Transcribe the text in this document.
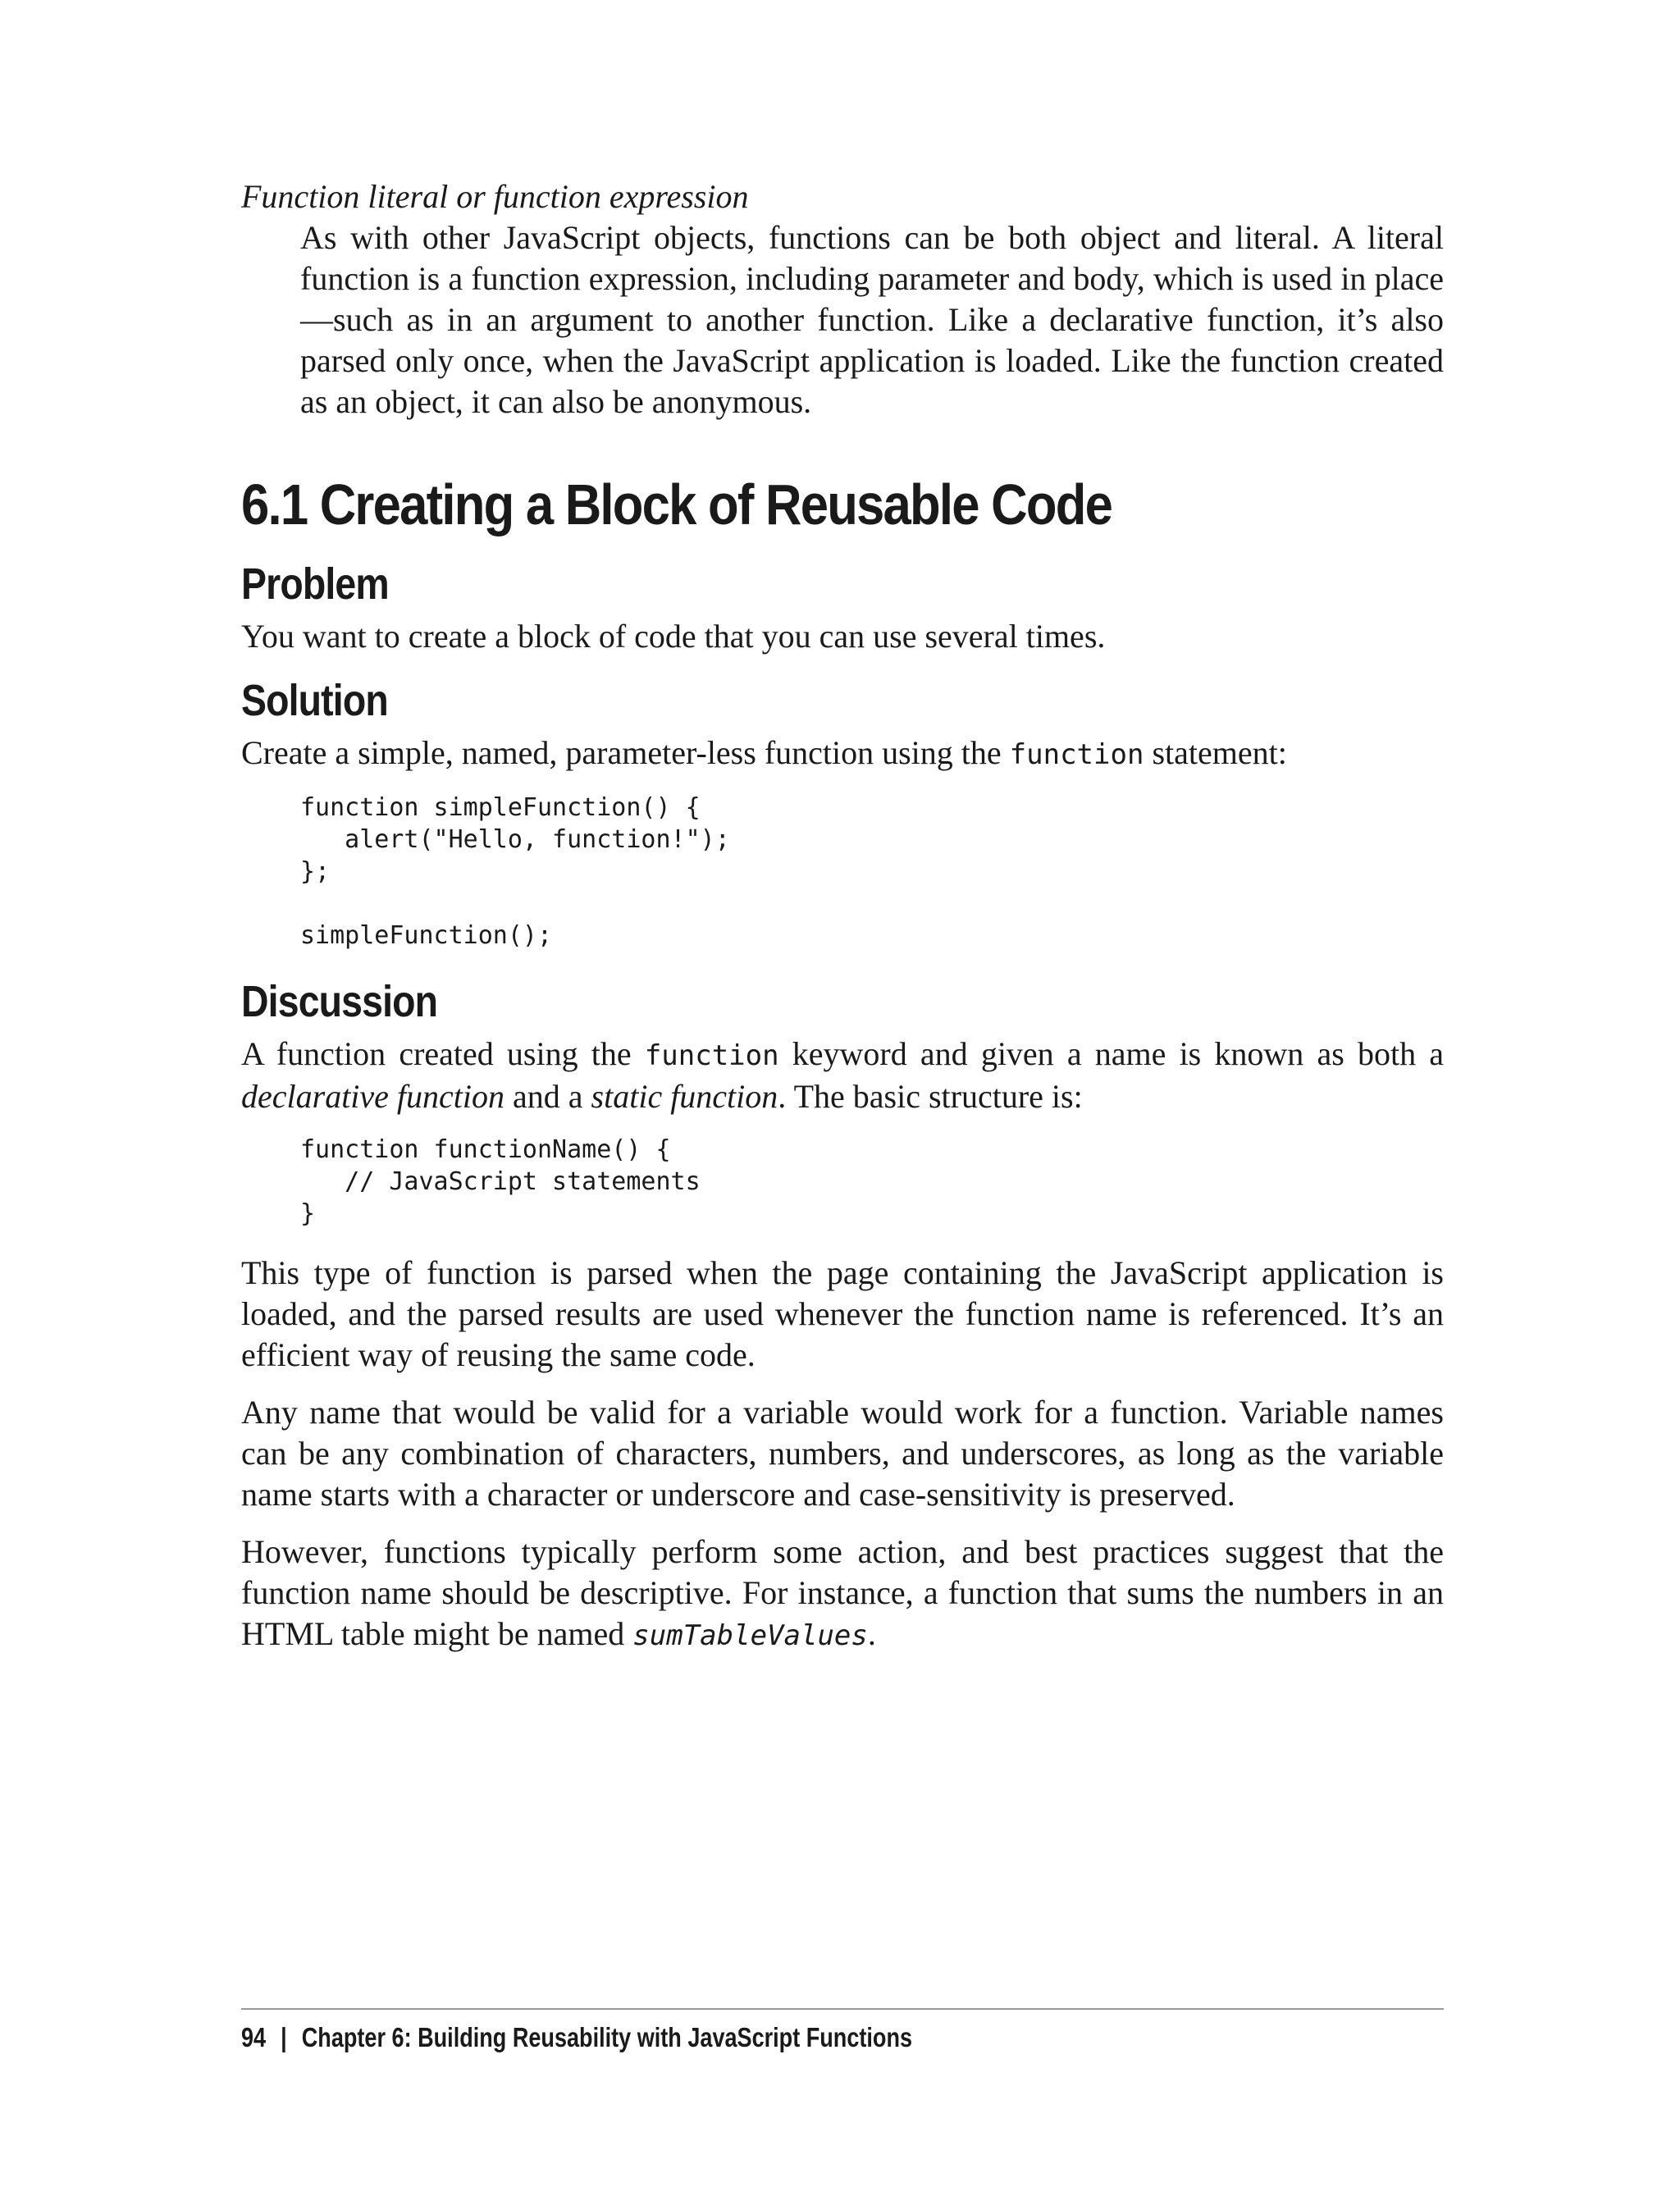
Function literal or function expression

As with other JavaScript objects, functions can be both object and literal. A literal function is a function expression, including parameter and body, which is used in place—such as in an argument to another function. Like a declarative function, it’s also parsed only once, when the JavaScript application is loaded. Like the function created as an object, it can also be anonymous.

6.1 Creating a Block of Reusable Code
Problem

You want to create a block of code that you can use several times.

Solution

Create a simple, named, parameter-less function using the function statement:

function simpleFunction() {
alert("Hello, function!");
};

simpleFunction();
Discussion

A function created using the function keyword and given a name is known as both a declarative function and a static function. The basic structure is:

function functionName() {
// JavaScript statements
}

This type of function is parsed when the page containing the JavaScript application is loaded, and the parsed results are used whenever the function name is referenced. It’s an efficient way of reusing the same code.

Any name that would be valid for a variable would work for a function. Variable names can be any combination of characters, numbers, and underscores, as long as the variable name starts with a character or underscore and case-sensitivity is preserved.

However, functions typically perform some action, and best practices suggest that the function name should be descriptive. For instance, a function that sums the numbers in an HTML table might be named sumTableValues.

94 | Chapter 6: Building Reusability with JavaScript Functions
